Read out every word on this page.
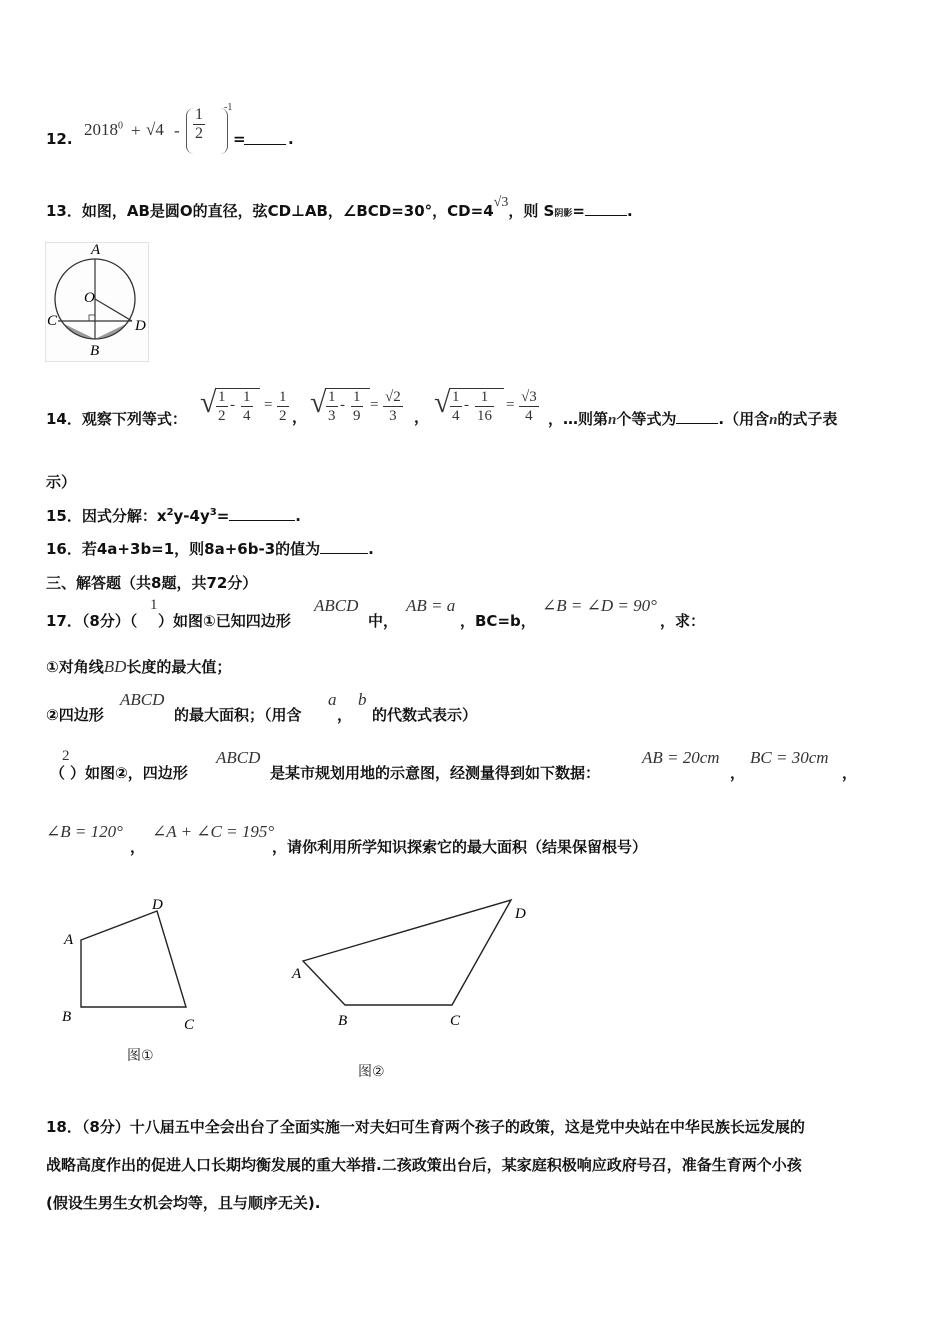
12. $2018^0 + √4 - \frac{1}{2} -1$
=	.
13．如图，AB是圆O的直径，弦CD⊥AB，∠BCD=30°，CD=4√3，则 S阴影=	.
A
O
C	D
B
14．观察下列等式： √ $\frac{1}{2} - \frac{1}{4} = \frac{1}{2}$ ， √ $\frac{1}{3} - \frac{1}{9} = \frac{√2}{3}$ ， √ $\frac{1}{4} - \frac{1}{16} = \frac{√3}{4}$ ，…则第n个等式为	.（用含n的式子表
示）
15．因式分解：$x^2y-4y^3=$	.
16．若4a+3b=1，则8a+6b-3的值为	.
三、解答题（共8题，共72分）
17．（8分）（
1
）如图①已知四边形
ABCD
中，
AB = a
，BC=b，
∠B = ∠D = 90°
，求：
①对角线BD长度的最大值；
②四边形
ABCD
的最大面积；（用含
a
，
b
的代数式表示）
（
2
）如图②，四边形
ABCD
是某市规划用地的示意图，经测量得到如下数据：
AB = 20cm
，
BC = 30cm
，
∠B = 120°
，
∠A + ∠C = 195°
，请你利用所学知识探索它的最大面积（结果保留根号）
A
B	C
D
A
B	C
D
图①
图②
18．（8分）十八届五中全会出台了全面实施一对夫妇可生育两个孩子的政策，这是党中央站在中华民族长远发展的
战略高度作出的促进人口长期均衡发展的重大举措.二孩政策出台后，某家庭积极响应政府号召，准备生育两个小孩
(假设生男生女机会均等，且与顺序无关).
